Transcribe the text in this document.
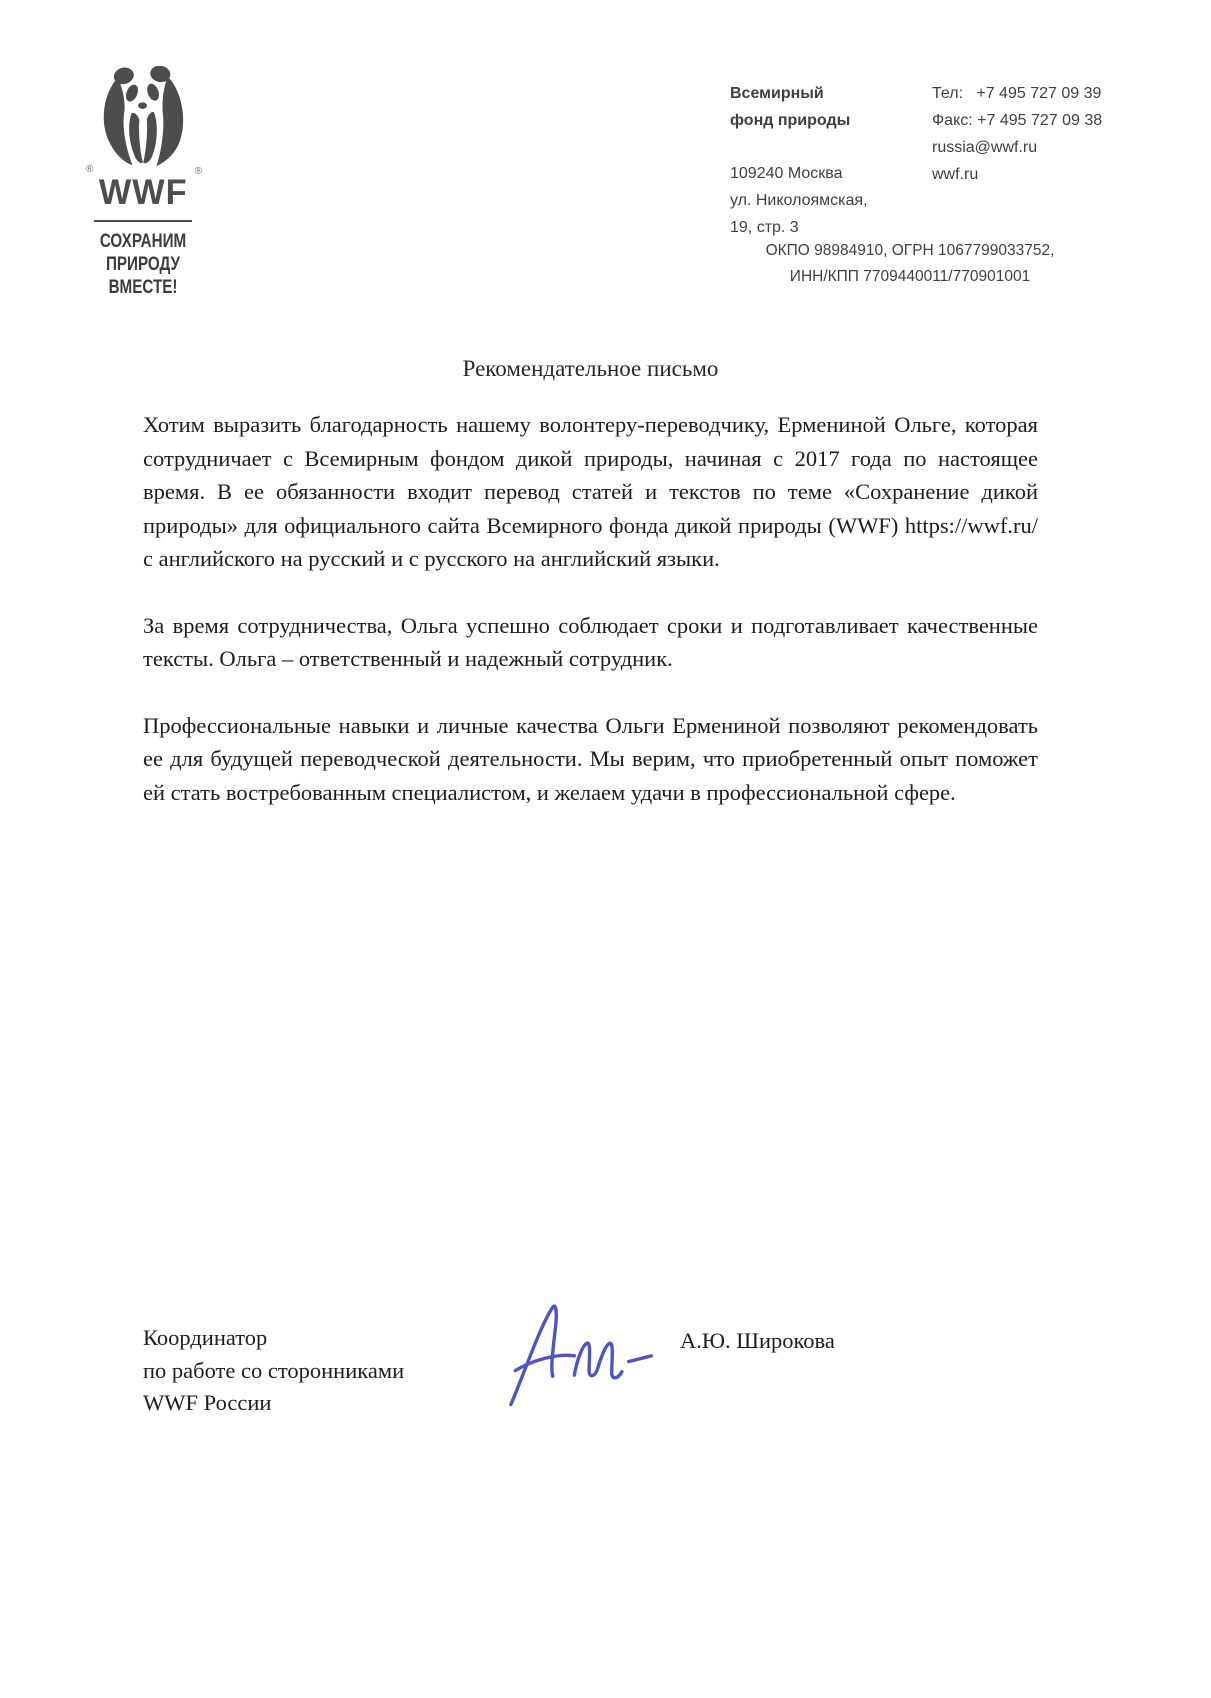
®
WWF
®
СОХРАНИМ
ПРИРОДУ
ВМЕСТЕ!
Всемирный
фонд природы
109240 Москва
ул. Николоямская,
19, стр. 3
Тел:   +7 495 727 09 39
Факс: +7 495 727 09 38
russia@wwf.ru
wwf.ru
ОКПО 98984910, ОГРН 1067799033752,
ИНН/КПП 7709440011/770901001
Рекомендательное письмо

Хотим выразить благодарность нашему волонтеру-переводчику, Ермениной Ольге, которая сотрудничает с Всемирным фондом дикой природы, начиная с 2017 года по настоящее время. В ее обязанности входит перевод статей и текстов по теме «Сохранение дикой природы» для официального сайта Всемирного фонда дикой природы (WWF) https://wwf.ru/ с английского на русский и с русского на английский языки.

За время сотрудничества, Ольга успешно соблюдает сроки и подготавливает качественные тексты. Ольга – ответственный и надежный сотрудник.

Профессиональные навыки и личные качества Ольги Ермениной позволяют рекомендовать ее для будущей переводческой деятельности. Мы верим, что приобретенный опыт поможет ей стать востребованным специалистом, и желаем удачи в профессиональной сфере.

Координатор
по работе со сторонниками
WWF России
А.Ю. Широкова
